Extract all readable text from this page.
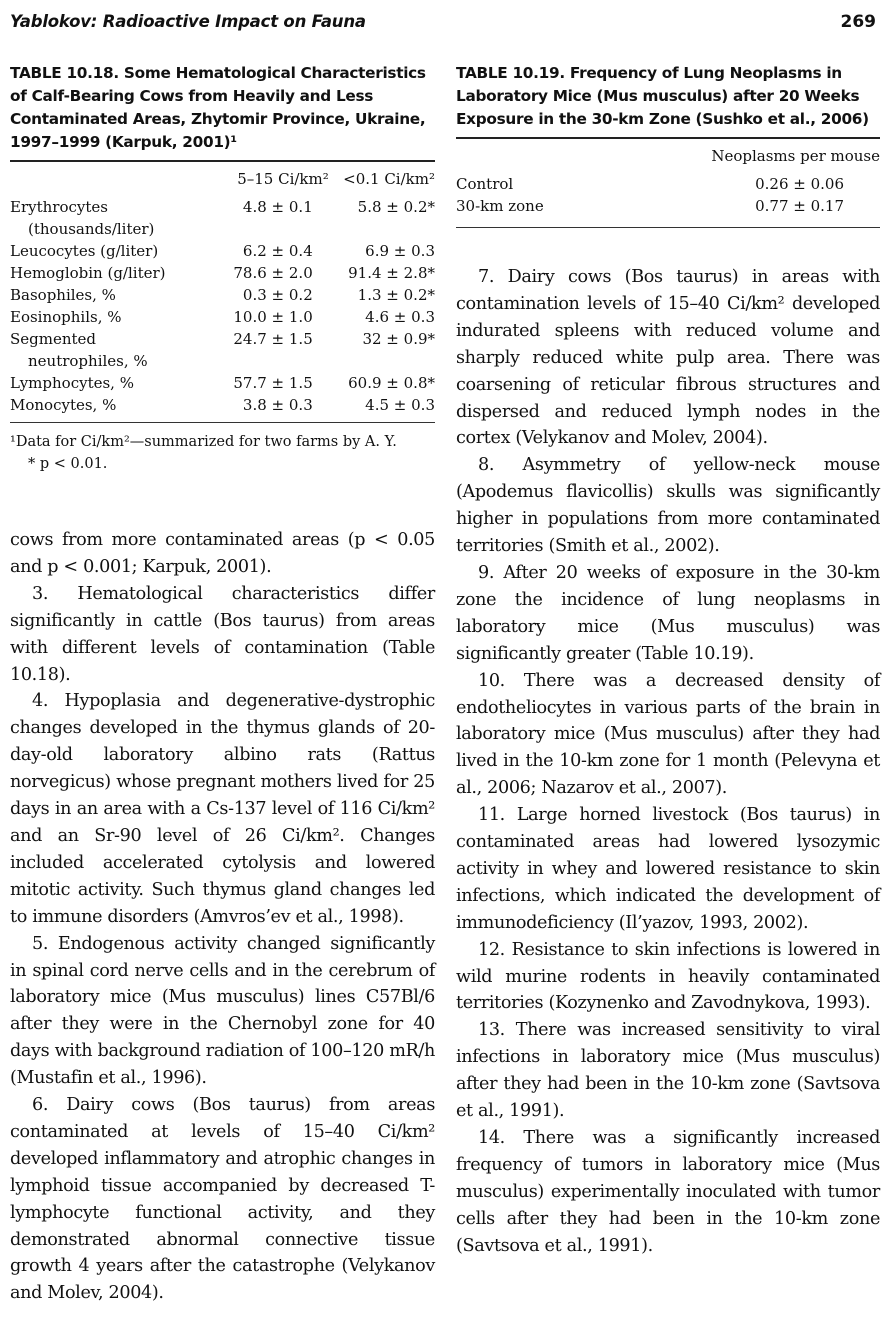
Yablokov: Radioactive Impact on Fauna	269

TABLE 10.18. Some Hematological Characteristics of Calf-Bearing Cows from Heavily and Less Contaminated Areas, Zhytomir Province, Ukraine, 1997–1999 (Karpuk, 2001)¹

	5–15 Ci/km²	<0.1 Ci/km²

Erythrocytes
(thousands/liter)	4.8 ± 0.1	5.8 ± 0.2*

Leucocytes (g/liter)	6.2 ± 0.4	6.9 ± 0.3

Hemoglobin (g/liter)	78.6 ± 2.0	91.4 ± 2.8*

Basophiles, %	0.3 ± 0.2	1.3 ± 0.2*

Eosinophils, %	10.0 ± 1.0	4.6 ± 0.3

Segmented
neutrophiles, %	24.7 ± 1.5	32 ± 0.9*

Lymphocytes, %	57.7 ± 1.5	60.9 ± 0.8*

Monocytes, %	3.8 ± 0.3	4.5 ± 0.3

¹Data for Ci/km²—summarized for two farms by A. Y.

* p < 0.01.

cows from more contaminated areas (p < 0.05 and p < 0.001; Karpuk, 2001).

3. Hematological characteristics differ significantly in cattle (Bos taurus) from areas with different levels of contamination (Table 10.18).

4. Hypoplasia and degenerative-dystrophic changes developed in the thymus glands of 20-day-old laboratory albino rats (Rattus norvegicus) whose pregnant mothers lived for 25 days in an area with a Cs-137 level of 116 Ci/km² and an Sr-90 level of 26 Ci/km². Changes included accelerated cytolysis and lowered mitotic activity. Such thymus gland changes led to immune disorders (Amvros’ev et al., 1998).

5. Endogenous activity changed significantly in spinal cord nerve cells and in the cerebrum of laboratory mice (Mus musculus) lines C57Bl/6 after they were in the Chernobyl zone for 40 days with background radiation of 100–120 mR/h (Mustafin et al., 1996).

6. Dairy cows (Bos taurus) from areas contaminated at levels of 15–40 Ci/km² developed inflammatory and atrophic changes in lymphoid tissue accompanied by decreased T-lymphocyte functional activity, and they demonstrated abnormal connective tissue growth 4 years after the catastrophe (Velykanov and Molev, 2004).

TABLE 10.19. Frequency of Lung Neoplasms in Laboratory Mice (Mus musculus) after 20 Weeks Exposure in the 30-km Zone (Sushko et al., 2006)

	Neoplasms per mouse
Control	0.26 ± 0.06
30-km zone	0.77 ± 0.17

7. Dairy cows (Bos taurus) in areas with contamination levels of 15–40 Ci/km² developed indurated spleens with reduced volume and sharply reduced white pulp area. There was coarsening of reticular fibrous structures and dispersed and reduced lymph nodes in the cortex (Velykanov and Molev, 2004).

8. Asymmetry of yellow-neck mouse (Apodemus flavicollis) skulls was significantly higher in populations from more contaminated territories (Smith et al., 2002).

9. After 20 weeks of exposure in the 30-km zone the incidence of lung neoplasms in laboratory mice (Mus musculus) was significantly greater (Table 10.19).

10. There was a decreased density of endotheliocytes in various parts of the brain in laboratory mice (Mus musculus) after they had lived in the 10-km zone for 1 month (Pelevyna et al., 2006; Nazarov et al., 2007).

11. Large horned livestock (Bos taurus) in contaminated areas had lowered lysozymic activity in whey and lowered resistance to skin infections, which indicated the development of immunodeficiency (Il’yazov, 1993, 2002).

12. Resistance to skin infections is lowered in wild murine rodents in heavily contaminated territories (Kozynenko and Zavodnykova, 1993).

13. There was increased sensitivity to viral infections in laboratory mice (Mus musculus) after they had been in the 10-km zone (Savtsova et al., 1991).

14. There was a significantly increased frequency of tumors in laboratory mice (Mus musculus) experimentally inoculated with tumor cells after they had been in the 10-km zone (Savtsova et al., 1991).
